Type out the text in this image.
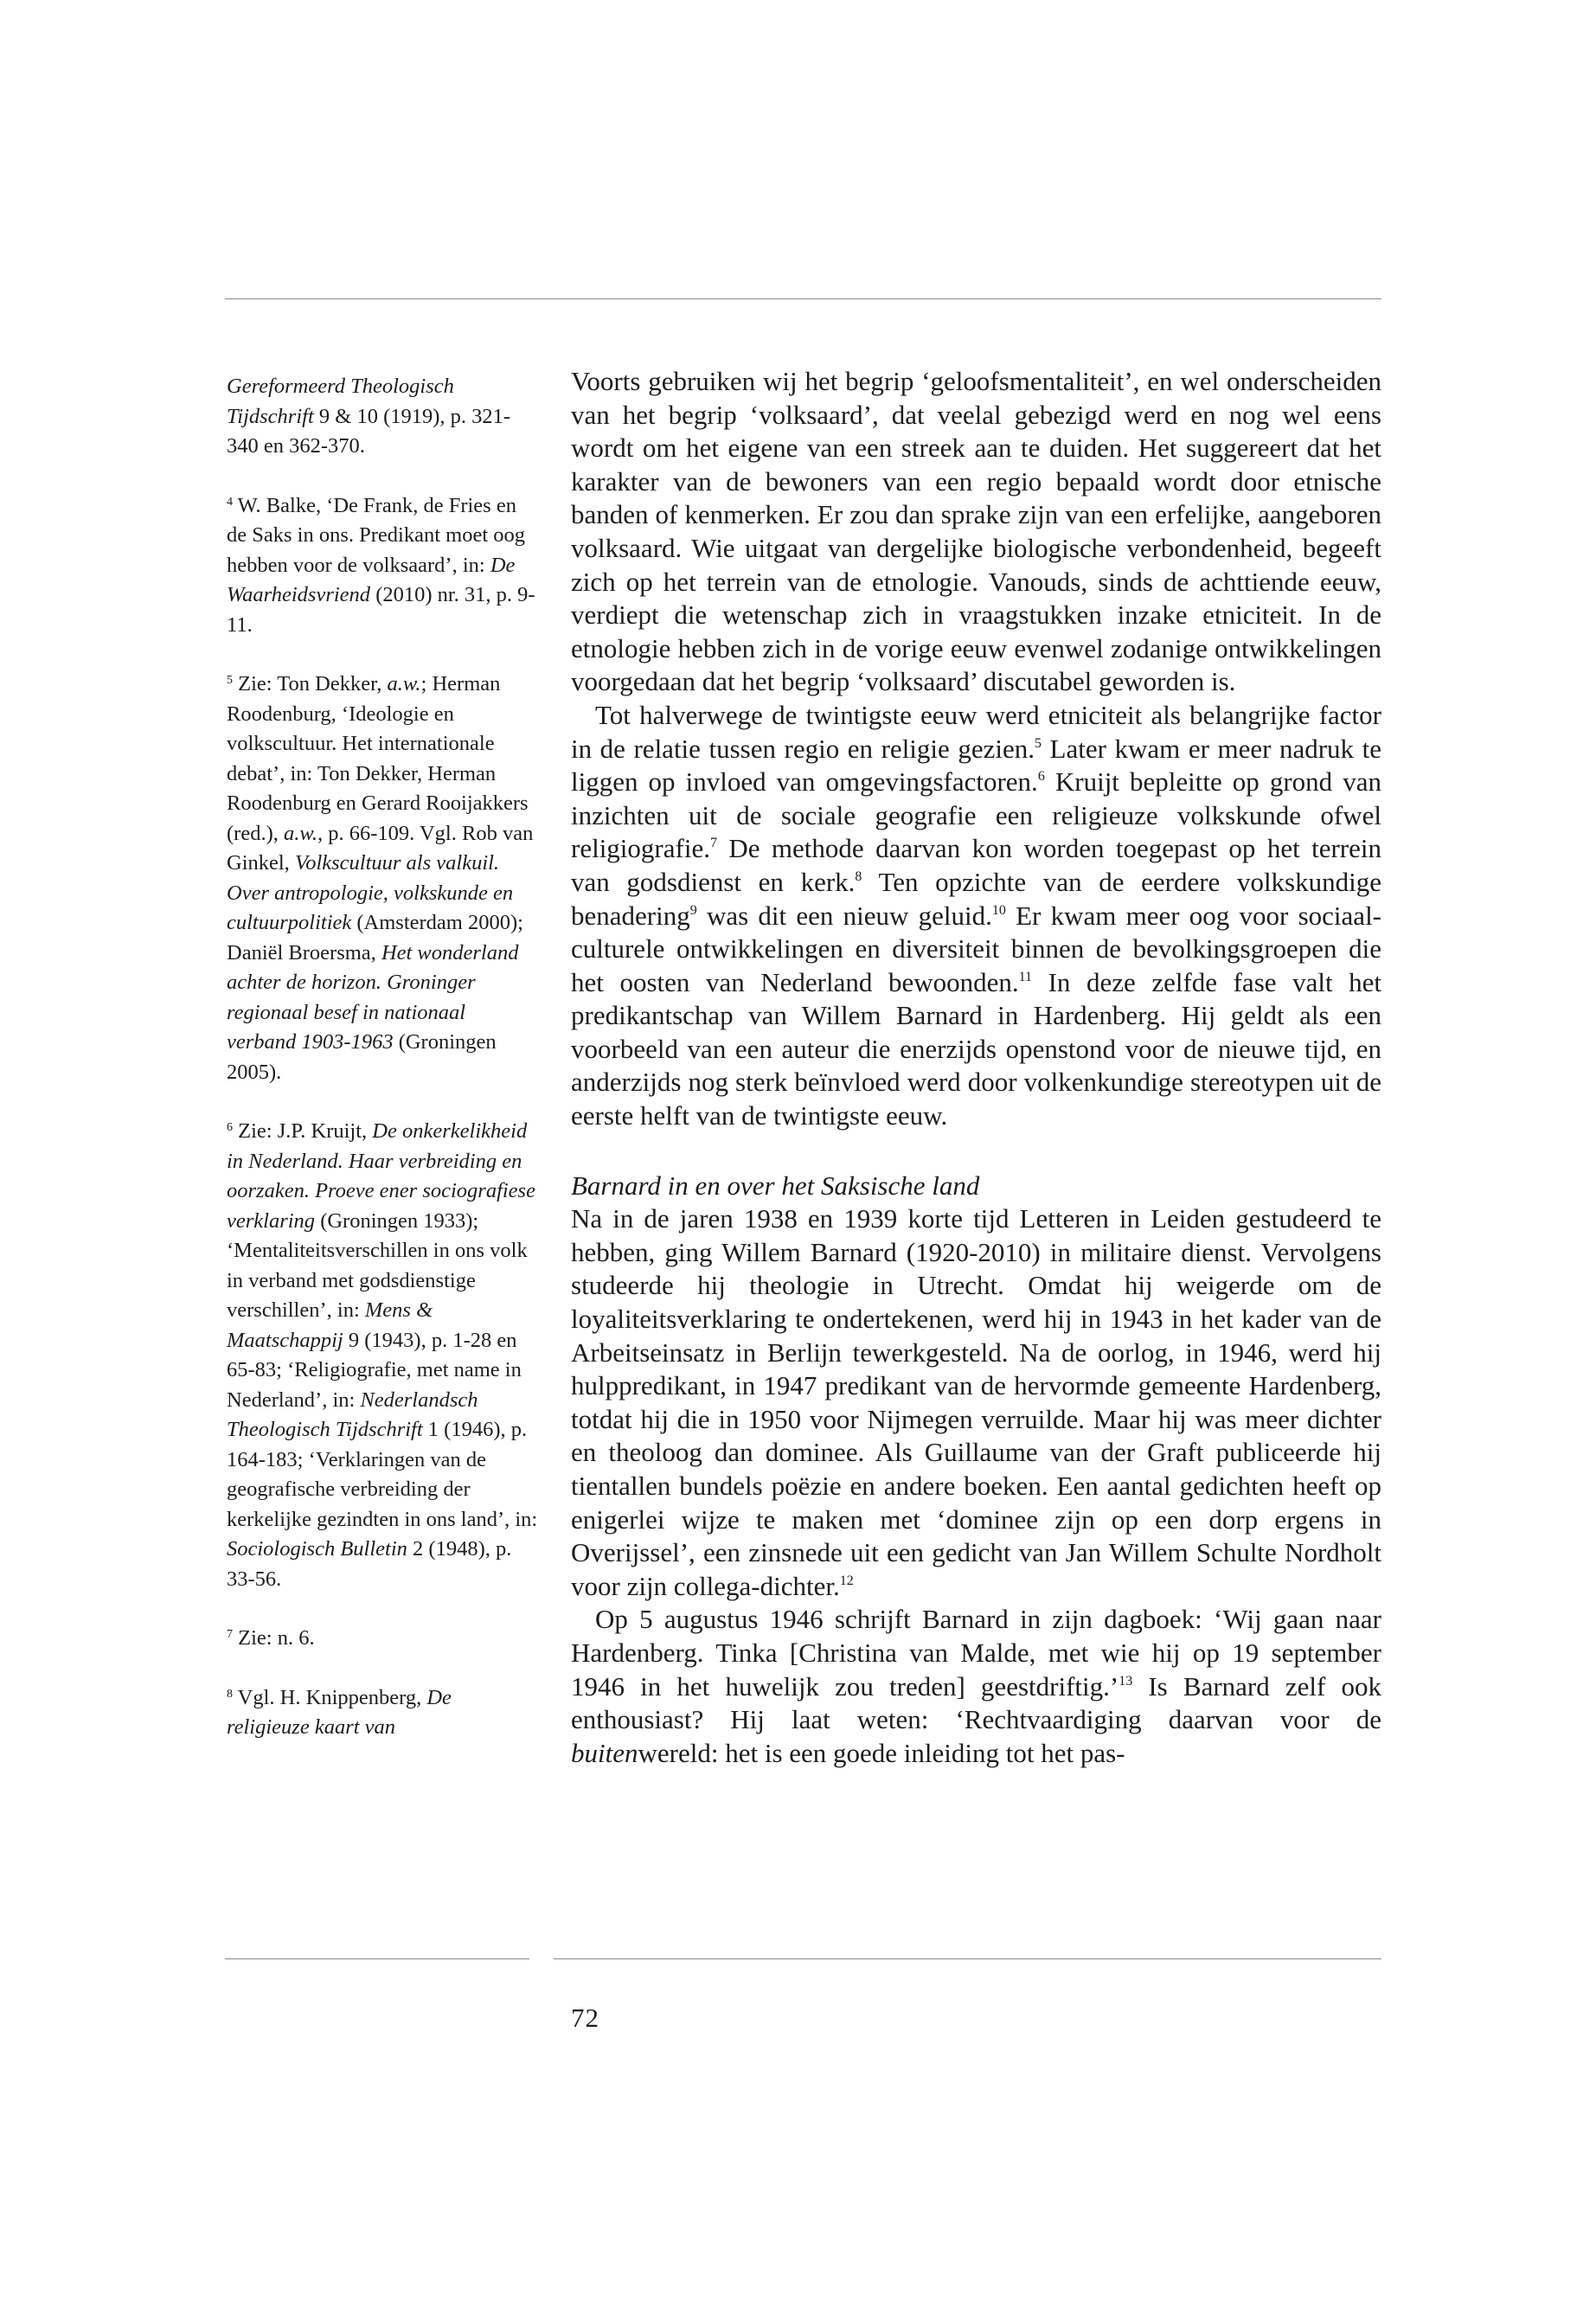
Gereformeerd Theologisch Tijdschrift 9 & 10 (1919), p. 321-340 en 362-370.

$^4$ W. Balke, ‘De Frank, de Fries en de Saks in ons. Predikant moet oog hebben voor de volksaard’, in: De Waarheidsvriend (2010) nr. 31, p. 9-11.

$^5$ Zie: Ton Dekker, a.w.; Herman Roodenburg, ‘Ideologie en volkscultuur. Het internationale debat’, in: Ton Dekker, Herman Roodenburg en Gerard Rooijakkers (red.), a.w., p. 66-109. Vgl. Rob van Ginkel, Volkscultuur als valkuil. Over antropologie, volkskunde en cultuurpolitiek (Amsterdam 2000); Daniël Broersma, Het wonderland achter de horizon. Groninger regionaal besef in nationaal verband 1903-1963 (Groningen 2005).

$^6$ Zie: J.P. Kruijt, De onkerkelikheid in Nederland. Haar verbreiding en oorzaken. Proeve ener sociografiese verklaring (Groningen 1933); ‘Mentaliteitsverschillen in ons volk in verband met godsdienstige verschillen’, in: Mens & Maatschappij 9 (1943), p. 1-28 en 65-83; ‘Religiografie, met name in Nederland’, in: Nederlandsch Theologisch Tijdschrift 1 (1946), p. 164-183; ‘Verklaringen van de geografische verbreiding der kerkelijke gezindten in ons land’, in: Sociologisch Bulletin 2 (1948), p. 33-56.

$^7$ Zie: n. 6.

$^8$ Vgl. H. Knippenberg, De religieuze kaart van

Voorts gebruiken wij het begrip ‘geloofsmentaliteit’, en wel onderscheiden van het begrip ‘volksaard’, dat veelal gebezigd werd en nog wel eens wordt om het eigene van een streek aan te duiden. Het suggereert dat het karakter van de bewoners van een regio bepaald wordt door etnische banden of kenmerken. Er zou dan sprake zijn van een erfelijke, aangeboren volksaard. Wie uitgaat van dergelijke biologische verbondenheid, begeeft zich op het terrein van de etnologie. Vanouds, sinds de achttiende eeuw, verdiept die wetenschap zich in vraagstukken inzake etniciteit. In de etnologie hebben zich in de vorige eeuw evenwel zodanige ontwikkelingen voorgedaan dat het begrip ‘volksaard’ discutabel geworden is.

Tot halverwege de twintigste eeuw werd etniciteit als belangrijke factor in de relatie tussen regio en religie gezien.$^5$ Later kwam er meer nadruk te liggen op invloed van omgevingsfactoren.$^6$ Kruijt bepleitte op grond van inzichten uit de sociale geografie een religieuze volkskunde ofwel religiografie.$^7$ De methode daarvan kon worden toegepast op het terrein van godsdienst en kerk.$^8$ Ten opzichte van de eerdere volkskundige benadering$^9$ was dit een nieuw geluid.$^{10}$ Er kwam meer oog voor sociaal-culturele ontwikkelingen en diversiteit binnen de bevolkingsgroepen die het oosten van Nederland bewoonden.$^{11}$ In deze zelfde fase valt het predikantschap van Willem Barnard in Hardenberg. Hij geldt als een voorbeeld van een auteur die enerzijds openstond voor de nieuwe tijd, en anderzijds nog sterk beïnvloed werd door volkenkundige stereotypen uit de eerste helft van de twintigste eeuw.

Barnard in en over het Saksische land

Na in de jaren 1938 en 1939 korte tijd Letteren in Leiden gestudeerd te hebben, ging Willem Barnard (1920-2010) in militaire dienst. Vervolgens studeerde hij theologie in Utrecht. Omdat hij weigerde om de loyaliteitsverklaring te ondertekenen, werd hij in 1943 in het kader van de Arbeitseinsatz in Berlijn tewerkgesteld. Na de oorlog, in 1946, werd hij hulppredikant, in 1947 predikant van de hervormde gemeente Hardenberg, totdat hij die in 1950 voor Nijmegen verruilde. Maar hij was meer dichter en theoloog dan dominee. Als Guillaume van der Graft publiceerde hij tientallen bundels poëzie en andere boeken. Een aantal gedichten heeft op enigerlei wijze te maken met ‘dominee zijn op een dorp ergens in Overijssel’, een zinsnede uit een gedicht van Jan Willem Schulte Nordholt voor zijn collega-dichter.$^{12}$

Op 5 augustus 1946 schrijft Barnard in zijn dagboek: ‘Wij gaan naar Hardenberg. Tinka [Christina van Malde, met wie hij op 19 september 1946 in het huwelijk zou treden] geestdriftig.’$^{13}$ Is Barnard zelf ook enthousiast? Hij laat weten: ‘Rechtvaardiging daarvan voor de buitenwereld: het is een goede inleiding tot het pas-

72
